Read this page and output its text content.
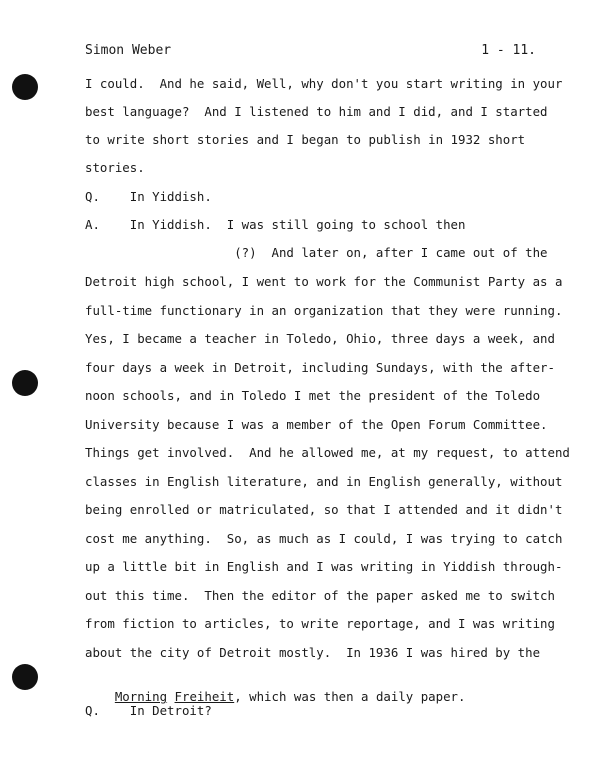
Simon Weber	1 - 11.
I could.  And he said, Well, why don't you start writing in your
best language?  And I listened to him and I did, and I started
to write short stories and I began to publish in 1932 short
stories.
Q.    In Yiddish.
A.    In Yiddish.  I was still going to school then
(?)  And later on, after I came out of the
Detroit high school, I went to work for the Communist Party as a
full-time functionary in an organization that they were running.
Yes, I became a teacher in Toledo, Ohio, three days a week, and
four days a week in Detroit, including Sundays, with the after-
noon schools, and in Toledo I met the president of the Toledo
University because I was a member of the Open Forum Committee.
Things get involved.  And he allowed me, at my request, to attend
classes in English literature, and in English generally, without
being enrolled or matriculated, so that I attended and it didn't
cost me anything.  So, as much as I could, I was trying to catch
up a little bit in English and I was writing in Yiddish through-
out this time.  Then the editor of the paper asked me to switch
from fiction to articles, to write reportage, and I was writing
about the city of Detroit mostly.  In 1936 I was hired by the

Morning Freiheit, which was then a daily paper.

Q.    In Detroit?
